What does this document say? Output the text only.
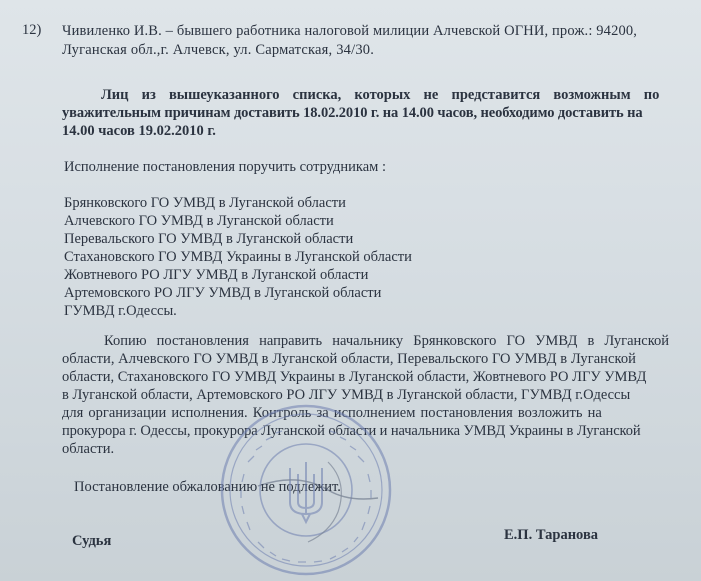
12) Чивиленко И.В. – бывшего работника налоговой милиции Алчевской ОГНИ, прож.: 94200,
Луганская обл.,г. Алчевск, ул. Сарматская, 34/30.
Лиц из вышеуказанного списка, которых не представится возможным по
уважительным причинам доставить 18.02.2010 г. на 14.00 часов, необходимо доставить на
14.00 часов 19.02.2010 г.
Исполнение постановления поручить сотрудникам :
Брянковского ГО УМВД в Луганской области
Алчевского ГО УМВД в Луганской области
Перевальского ГО УМВД в Луганской области
Стахановского ГО УМВД Украины в Луганской области
Жовтневого РО ЛГУ УМВД в Луганской области
Артемовского РО ЛГУ УМВД в Луганской области
ГУМВД г.Одессы.
Копию постановления направить начальнику Брянковского ГО УМВД в Луганской
области, Алчевского ГО УМВД в Луганской области, Перевальского ГО УМВД в Луганской
области, Стахановского ГО УМВД Украины в Луганской области, Жовтневого РО ЛГУ УМВД
в Луганской области, Артемовского РО ЛГУ УМВД в Луганской области, ГУМВД г.Одессы
для организации исполнения. Контроль за исполнением постановления возложить на
прокурора г. Одессы, прокурора Луганской области и начальника УМВД Украины в Луганской
области.
Постановление обжалованию не подлежит.
Судья	Е.П. Таранова
